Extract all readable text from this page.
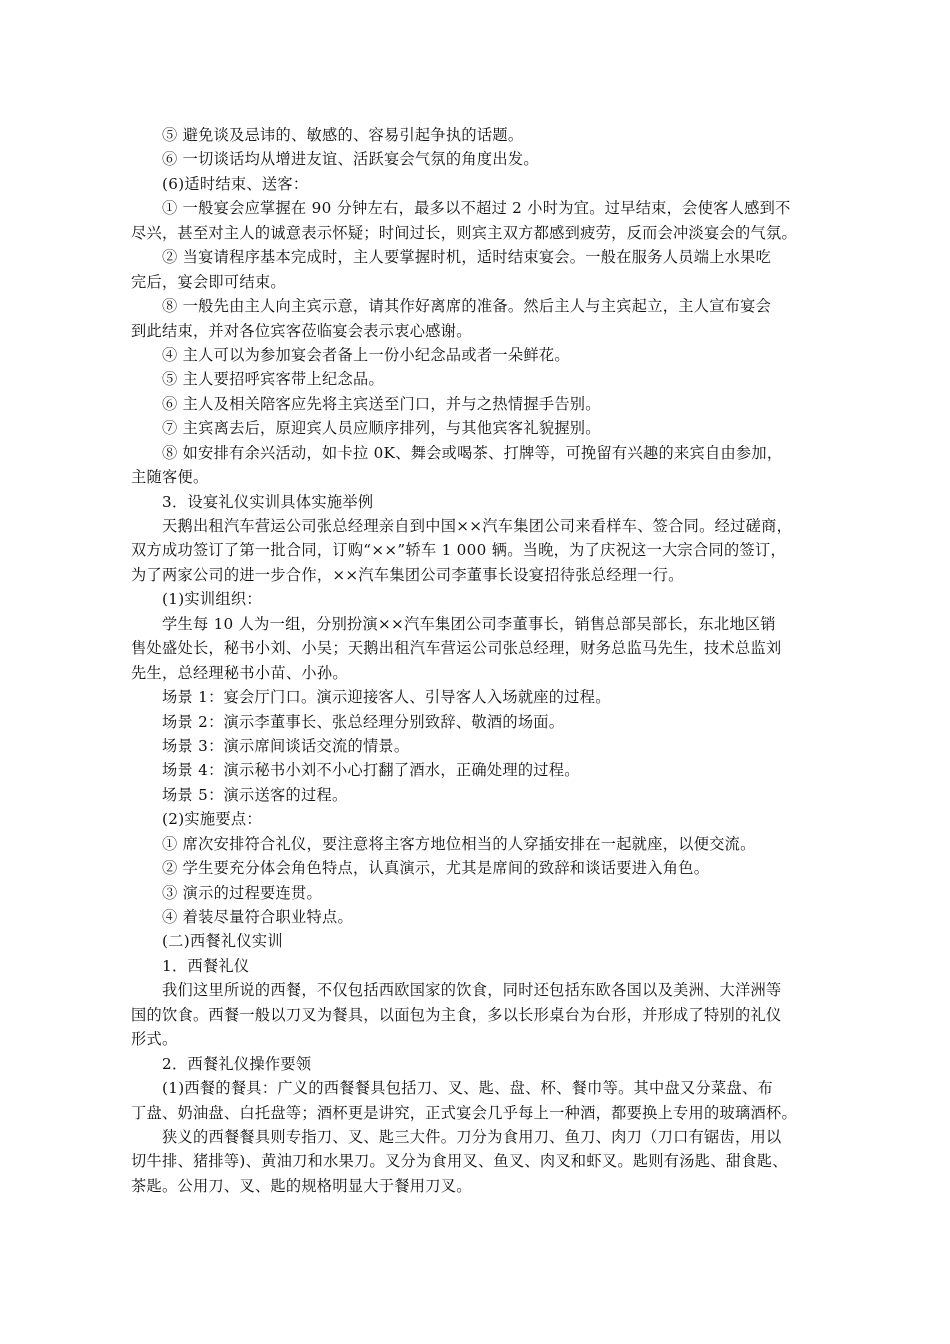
⑤ 避免谈及忌讳的、敏感的、容易引起争执的话题。
⑥ 一切谈话均从增进友谊、活跃宴会气氛的角度出发。
(6)适时结束、送客：
① 一般宴会应掌握在 90 分钟左右，最多以不超过 2 小时为宜。过早结束，会使客人感到不
尽兴，甚至对主人的诚意表示怀疑；时间过长，则宾主双方都感到疲劳，反而会冲淡宴会的气氛。
② 当宴请程序基本完成时，主人要掌握时机，适时结束宴会。一般在服务人员端上水果吃
完后，宴会即可结束。
⑧ 一般先由主人向主宾示意，请其作好离席的准备。然后主人与主宾起立，主人宣布宴会
到此结束，并对各位宾客莅临宴会表示衷心感谢。
④ 主人可以为参加宴会者备上一份小纪念品或者一朵鲜花。
⑤ 主人要招呼宾客带上纪念品。
⑥ 主人及相关陪客应先将主宾送至门口，并与之热情握手告别。
⑦ 主宾离去后，原迎宾人员应顺序排列，与其他宾客礼貌握别。
⑧ 如安排有余兴活动，如卡拉 0K、舞会或喝茶、打牌等，可挽留有兴趣的来宾自由参加，
主随客便。
3．设宴礼仪实训具体实施举例
天鹅出租汽车营运公司张总经理亲自到中国××汽车集团公司来看样车、签合同。经过磋商，
双方成功签订了第一批合同，订购“××”轿车 1 000 辆。当晚，为了庆祝这一大宗合同的签订，
为了两家公司的进一步合作，××汽车集团公司李董事长设宴招待张总经理一行。
(1)实训组织：
学生每 10 人为一组，分别扮演××汽车集团公司李董事长，销售总部吴部长，东北地区销
售处盛处长，秘书小刘、小吴；天鹅出租汽车营运公司张总经理，财务总监马先生，技术总监刘
先生，总经理秘书小苗、小孙。
场景 1：宴会厅门口。演示迎接客人、引导客人入场就座的过程。
场景 2：演示李董事长、张总经理分别致辞、敬酒的场面。
场景 3：演示席间谈话交流的情景。
场景 4：演示秘书小刘不小心打翻了酒水，正确处理的过程。
场景 5：演示送客的过程。
(2)实施要点：
① 席次安排符合礼仪，要注意将主客方地位相当的人穿插安排在一起就座，以便交流。
② 学生要充分体会角色特点，认真演示，尤其是席间的致辞和谈话要进入角色。
③ 演示的过程要连贯。
④ 着装尽量符合职业特点。
(二)西餐礼仪实训
1．西餐礼仪
我们这里所说的西餐，不仅包括西欧国家的饮食，同时还包括东欧各国以及美洲、大洋洲等
国的饮食。西餐一般以刀叉为餐具，以面包为主食，多以长形桌台为台形，并形成了特别的礼仪
形式。
2．西餐礼仪操作要领
(1)西餐的餐具：广义的西餐餐具包括刀、叉、匙、盘、杯、餐巾等。其中盘又分菜盘、布
丁盘、奶油盘、白托盘等；酒杯更是讲究，正式宴会几乎每上一种酒，都要换上专用的玻璃酒杯。
狭义的西餐餐具则专指刀、叉、匙三大件。刀分为食用刀、鱼刀、肉刀（刀口有锯齿，用以
切牛排、猪排等)、黄油刀和水果刀。叉分为食用叉、鱼叉、肉叉和虾叉。匙则有汤匙、甜食匙、
茶匙。公用刀、叉、匙的规格明显大于餐用刀叉。
